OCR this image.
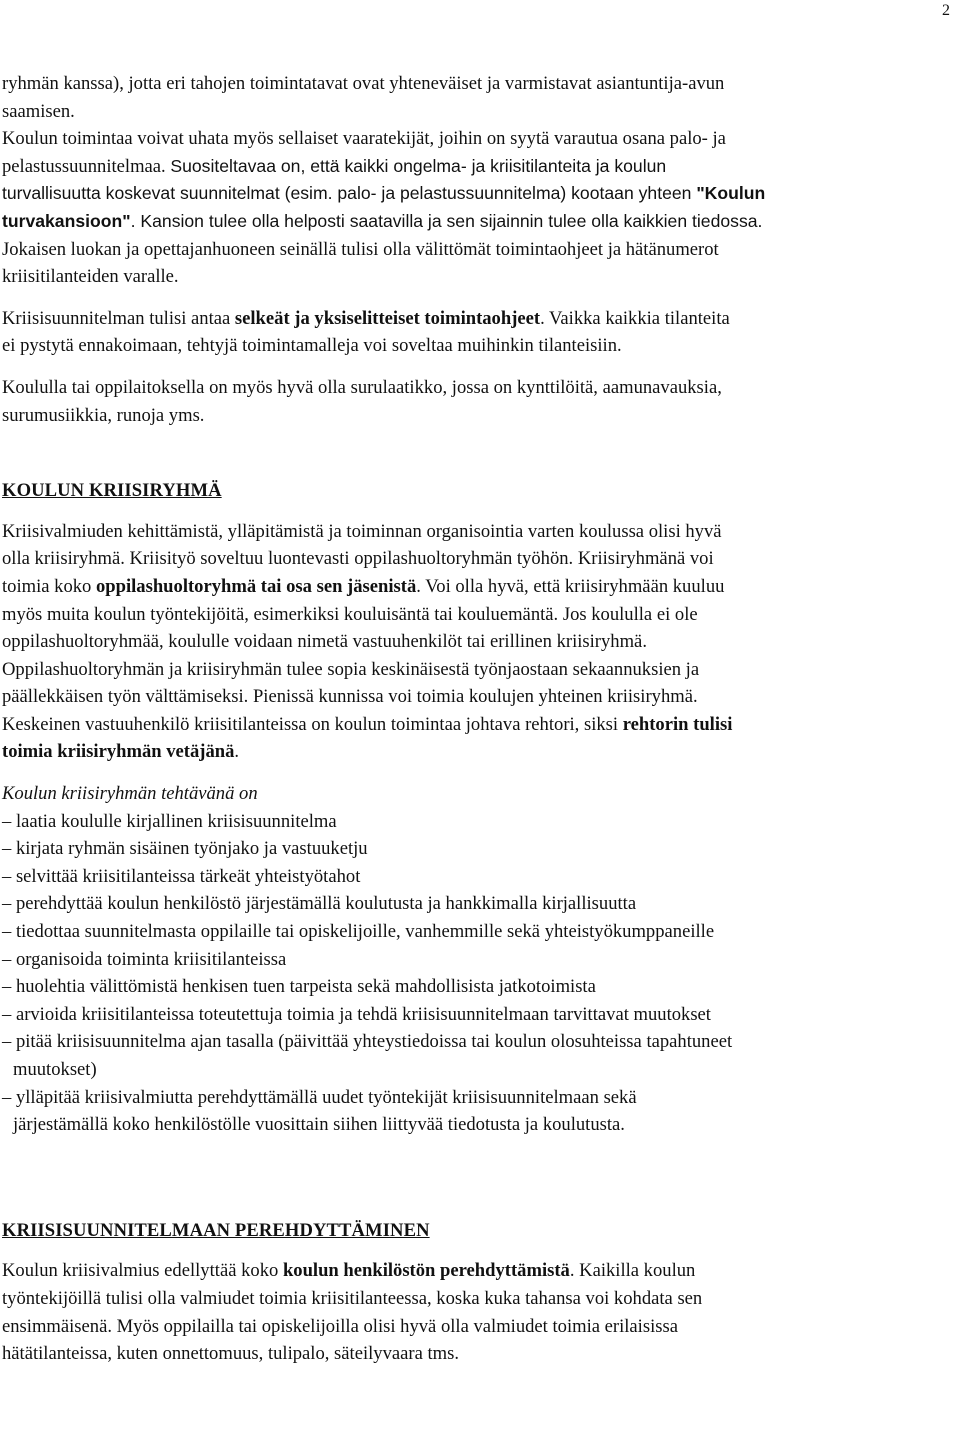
2

ryhmän kanssa), jotta eri tahojen toimintatavat ovat yhteneväiset ja varmistavat asiantuntija-avun

saamisen.

Koulun toimintaa voivat uhata myös sellaiset vaaratekijät, joihin on syytä varautua osana palo- ja

pelastussuunnitelmaa. Suositeltavaa on, että kaikki ongelma- ja kriisitilanteita ja koulun

turvallisuutta koskevat suunnitelmat (esim. palo- ja pelastussuunnitelma) kootaan yhteen "Koulun

turvakansioon". Kansion tulee olla helposti saatavilla ja sen sijainnin tulee olla kaikkien tiedossa.

Jokaisen luokan ja opettajanhuoneen seinällä tulisi olla välittömät toimintaohjeet ja hätänumerot

kriisitilanteiden varalle.

Kriisisuunnitelman tulisi antaa selkeät ja yksiselitteiset toimintaohjeet. Vaikka kaikkia tilanteita

ei pystytä ennakoimaan, tehtyjä toimintamalleja voi soveltaa muihinkin tilanteisiin.

Koululla tai oppilaitoksella on myös hyvä olla surulaatikko, jossa on kynttilöitä, aamunavauksia,

surumusiikkia, runoja yms.

KOULUN KRIISIRYHMÄ

Kriisivalmiuden kehittämistä, ylläpitämistä ja toiminnan organisointia varten koulussa olisi hyvä

olla kriisiryhmä. Kriisityö soveltuu luontevasti oppilashuoltoryhmän työhön. Kriisiryhmänä voi

toimia koko oppilashuoltoryhmä tai osa sen jäsenistä. Voi olla hyvä, että kriisiryhmään kuuluu

myös muita koulun työntekijöitä, esimerkiksi kouluisäntä tai kouluemäntä. Jos koululla ei ole

oppilashuoltoryhmää, koululle voidaan nimetä vastuuhenkilöt tai erillinen kriisiryhmä.

Oppilashuoltoryhmän ja kriisiryhmän tulee sopia keskinäisestä työnjaostaan sekaannuksien ja

päällekkäisen työn välttämiseksi. Pienissä kunnissa voi toimia koulujen yhteinen kriisiryhmä.

Keskeinen vastuuhenkilö kriisitilanteissa on koulun toimintaa johtava rehtori, siksi rehtorin tulisi

toimia kriisiryhmän vetäjänä.

Koulun kriisiryhmän tehtävänä on

– laatia koululle kirjallinen kriisisuunnitelma
– kirjata ryhmän sisäinen työnjako ja vastuuketju
– selvittää kriisitilanteissa tärkeät yhteistyötahot
– perehdyttää koulun henkilöstö järjestämällä koulutusta ja hankkimalla kirjallisuutta
– tiedottaa suunnitelmasta oppilaille tai opiskelijoille, vanhemmille sekä yhteistyökumppaneille
– organisoida toiminta kriisitilanteissa
– huolehtia välittömistä henkisen tuen tarpeista sekä mahdollisista jatkotoimista
– arvioida kriisitilanteissa toteutettuja toimia ja tehdä kriisisuunnitelmaan tarvittavat muutokset
– pitää kriisisuunnitelma ajan tasalla (päivittää yhteystiedoissa tai koulun olosuhteissa tapahtuneet
muutokset)
– ylläpitää kriisivalmiutta perehdyttämällä uudet työntekijät kriisisuunnitelmaan sekä
järjestämällä koko henkilöstölle vuosittain siihen liittyvää tiedotusta ja koulutusta.
KRIISISUUNNITELMAAN PEREHDYTTÄMINEN

Koulun kriisivalmius edellyttää koko koulun henkilöstön perehdyttämistä. Kaikilla koulun

työntekijöillä tulisi olla valmiudet toimia kriisitilanteessa, koska kuka tahansa voi kohdata sen

ensimmäisenä. Myös oppilailla tai opiskelijoilla olisi hyvä olla valmiudet toimia erilaisissa

hätätilanteissa, kuten onnettomuus, tulipalo, säteilyvaara tms.
